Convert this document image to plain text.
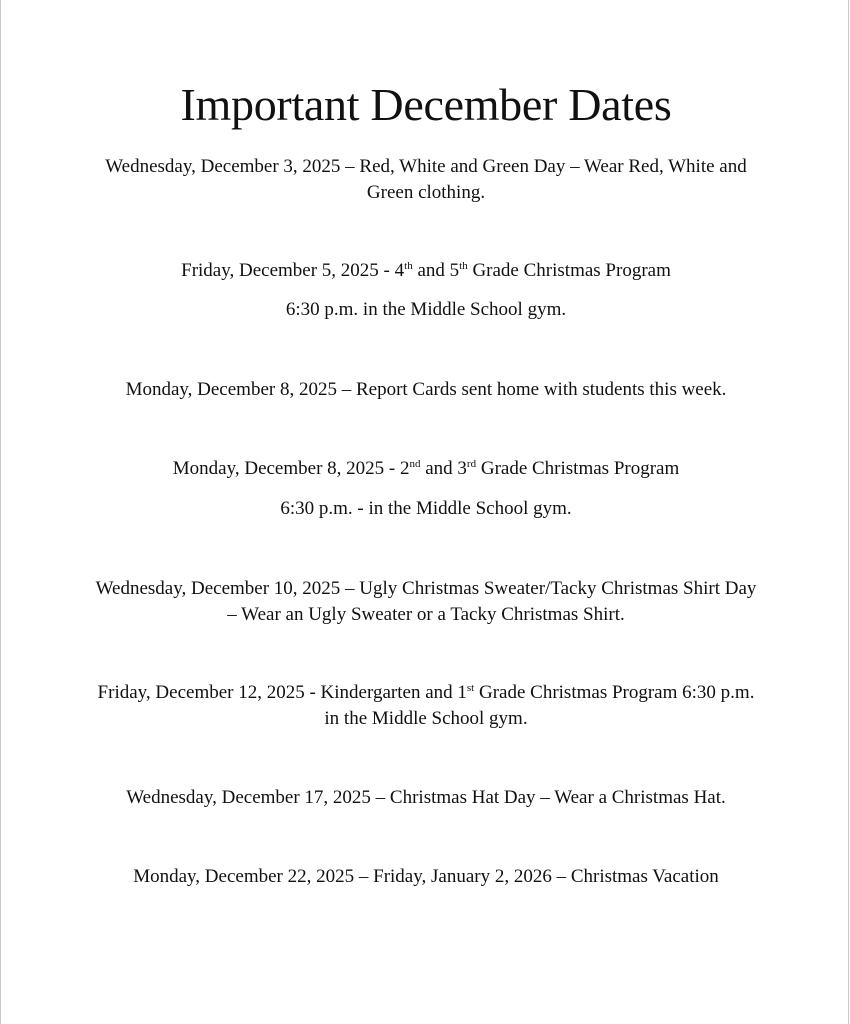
Important December Dates

Wednesday, December 3, 2025 – Red, White and Green Day – Wear Red, White and Green clothing.

Friday, December 5, 2025 - 4th and 5th Grade Christmas Program

6:30 p.m. in the Middle School gym.

Monday, December 8, 2025 – Report Cards sent home with students this week.

Monday, December 8, 2025 - 2nd and 3rd Grade Christmas Program

6:30 p.m. - in the Middle School gym.

Wednesday, December 10, 2025 – Ugly Christmas Sweater/Tacky Christmas Shirt Day – Wear an Ugly Sweater or a Tacky Christmas Shirt.

Friday, December 12, 2025 - Kindergarten and 1st Grade Christmas Program 6:30 p.m. in the Middle School gym.

Wednesday, December 17, 2025 – Christmas Hat Day – Wear a Christmas Hat.

Monday, December 22, 2025 – Friday, January 2, 2026 – Christmas Vacation
